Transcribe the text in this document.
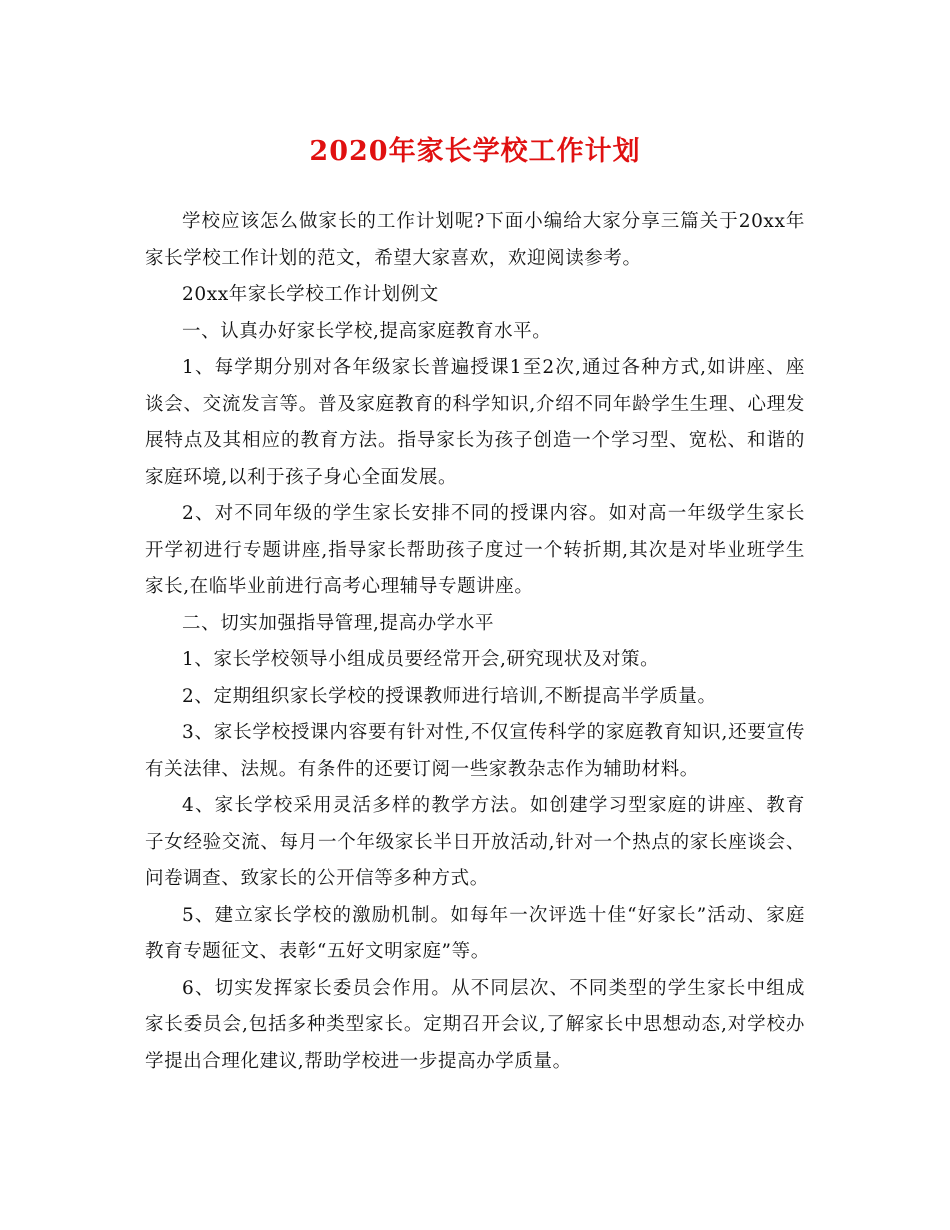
2020年家长学校工作计划

学校应该怎么做家长的工作计划呢?下面小编给大家分享三篇关于20xx年家长学校工作计划的范文，希望大家喜欢，欢迎阅读参考。

20xx年家长学校工作计划例文

一、认真办好家长学校,提高家庭教育水平。

1、每学期分别对各年级家长普遍授课1至2次,通过各种方式,如讲座、座谈会、交流发言等。普及家庭教育的科学知识,介绍不同年龄学生生理、心理发展特点及其相应的教育方法。指导家长为孩子创造一个学习型、宽松、和谐的家庭环境,以利于孩子身心全面发展。

2、对不同年级的学生家长安排不同的授课内容。如对高一年级学生家长开学初进行专题讲座,指导家长帮助孩子度过一个转折期,其次是对毕业班学生家长,在临毕业前进行高考心理辅导专题讲座。

二、切实加强指导管理,提高办学水平

1、家长学校领导小组成员要经常开会,研究现状及对策。

2、定期组织家长学校的授课教师进行培训,不断提高半学质量。

3、家长学校授课内容要有针对性,不仅宣传科学的家庭教育知识,还要宣传有关法律、法规。有条件的还要订阅一些家教杂志作为辅助材料。

4、家长学校采用灵活多样的教学方法。如创建学习型家庭的讲座、教育子女经验交流、每月一个年级家长半日开放活动,针对一个热点的家长座谈会、问卷调查、致家长的公开信等多种方式。

5、建立家长学校的激励机制。如每年一次评选十佳“好家长”活动、家庭教育专题征文、表彰“五好文明家庭”等。

6、切实发挥家长委员会作用。从不同层次、不同类型的学生家长中组成家长委员会,包括多种类型家长。定期召开会议,了解家长中思想动态,对学校办学提出合理化建议,帮助学校进一步提高办学质量。
